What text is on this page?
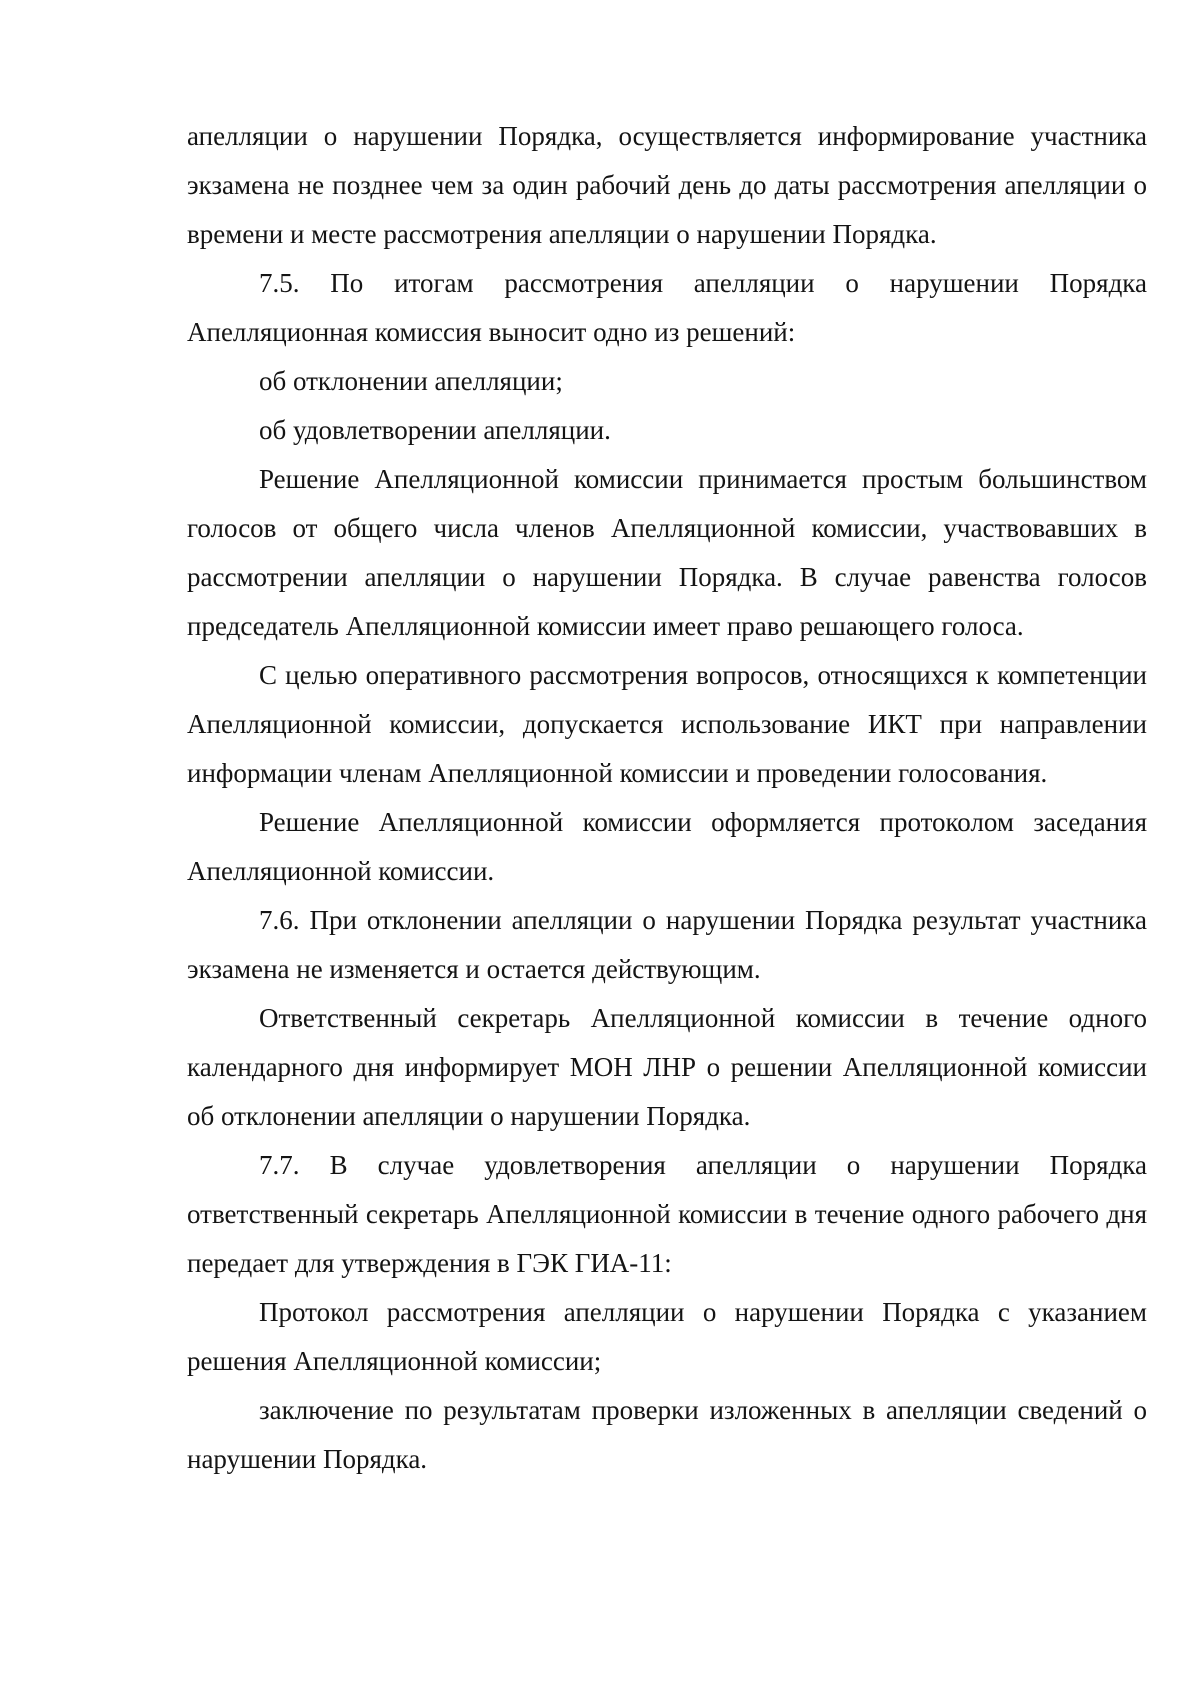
апелляции о нарушении Порядка, осуществляется информирование участника экзамена не позднее чем за один рабочий день до даты рассмотрения апелляции о времени и месте рассмотрения апелляции о нарушении Порядка.

7.5. По итогам рассмотрения апелляции о нарушении Порядка Апелляционная комиссия выносит одно из решений:

об отклонении апелляции;

об удовлетворении апелляции.

Решение Апелляционной комиссии принимается простым большинством голосов от общего числа членов Апелляционной комиссии, участвовавших в рассмотрении апелляции о нарушении Порядка. В случае равенства голосов председатель Апелляционной комиссии имеет право решающего голоса.

С целью оперативного рассмотрения вопросов, относящихся к компетенции Апелляционной комиссии, допускается использование ИКТ при направлении информации членам Апелляционной комиссии и проведении голосования.

Решение Апелляционной комиссии оформляется протоколом заседания Апелляционной комиссии.

7.6. При отклонении апелляции о нарушении Порядка результат участника экзамена не изменяется и остается действующим.

Ответственный секретарь Апелляционной комиссии в течение одного календарного дня информирует МОН ЛНР о решении Апелляционной комиссии об отклонении апелляции о нарушении Порядка.

7.7. В случае удовлетворения апелляции о нарушении Порядка ответственный секретарь Апелляционной комиссии в течение одного рабочего дня передает для утверждения в ГЭК ГИА-11:

Протокол рассмотрения апелляции о нарушении Порядка с указанием решения Апелляционной комиссии;

заключение по результатам проверки изложенных в апелляции сведений о нарушении Порядка.
